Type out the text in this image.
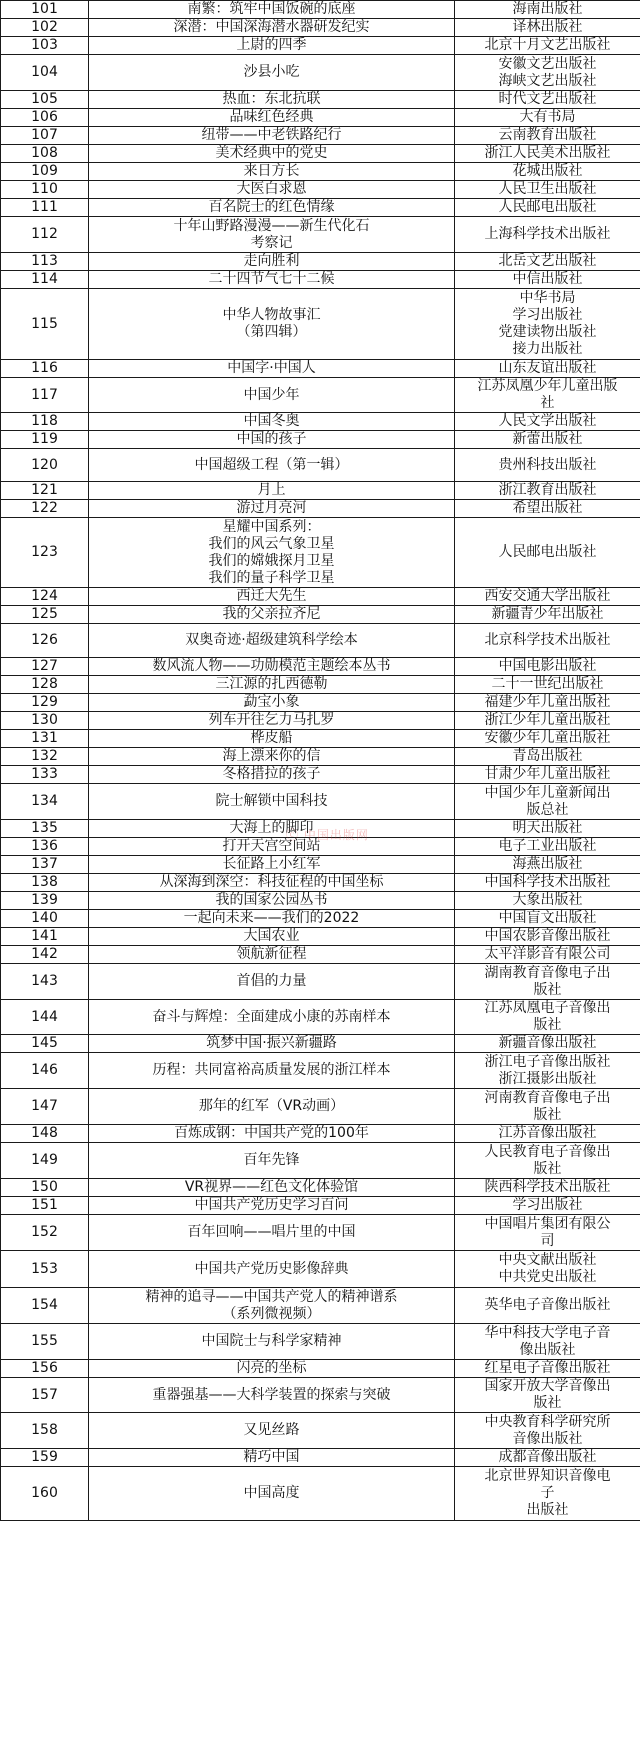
101	南繁：筑牢中国饭碗的底座	海南出版社

102	深潜：中国深海潜水器研发纪实	译林出版社

103	上尉的四季	北京十月文艺出版社

104	沙县小吃	安徽文艺出版社
海峡文艺出版社

105	热血：东北抗联	时代文艺出版社

106	品味红色经典	大有书局

107	纽带——中老铁路纪行	云南教育出版社

108	美术经典中的党史	浙江人民美术出版社

109	来日方长	花城出版社

110	大医白求恩	人民卫生出版社

111	百名院士的红色情缘	人民邮电出版社

112	十年山野路漫漫——新生代化石
考察记	上海科学技术出版社

113	走向胜利	北岳文艺出版社

114	二十四节气七十二候	中信出版社

115	中华人物故事汇
（第四辑）	中华书局
学习出版社
党建读物出版社
接力出版社

116	中国字·中国人	山东友谊出版社

117	中国少年	江苏凤凰少年儿童出版
社

118	中国冬奥	人民文学出版社

119	中国的孩子	新蕾出版社

120	中国超级工程（第一辑）	贵州科技出版社

121	月上	浙江教育出版社

122	游过月亮河	希望出版社

123	星耀中国系列：
我们的风云气象卫星
我们的嫦娥探月卫星
我们的量子科学卫星	人民邮电出版社

124	西迁大先生	西安交通大学出版社

125	我的父亲拉齐尼	新疆青少年出版社

126	双奥奇迹·超级建筑科学绘本	北京科学技术出版社

127	数风流人物——功勋模范主题绘本丛书	中国电影出版社

128	三江源的扎西德勒	二十一世纪出版社

129	勐宝小象	福建少年儿童出版社

130	列车开往乞力马扎罗	浙江少年儿童出版社

131	桦皮船	安徽少年儿童出版社

132	海上漂来你的信	青岛出版社

133	冬格措拉的孩子	甘肃少年儿童出版社

134	院士解锁中国科技	中国少年儿童新闻出
版总社

135	大海上的脚印	明天出版社

136	打开天宫空间站	电子工业出版社

137	长征路上小红军	海燕出版社

138	从深海到深空：科技征程的中国坐标	中国科学技术出版社

139	我的国家公园丛书	大象出版社

140	一起向未来——我们的2022	中国盲文出版社

141	大国农业	中国农影音像出版社

142	领航新征程	太平洋影音有限公司

143	首倡的力量	湖南教育音像电子出
版社

144	奋斗与辉煌：全面建成小康的苏南样本	江苏凤凰电子音像出
版社

145	筑梦中国·振兴新疆路	新疆音像出版社

146	历程：共同富裕高质量发展的浙江样本	浙江电子音像出版社
浙江摄影出版社

147	那年的红军（VR动画）	河南教育音像电子出
版社

148	百炼成钢：中国共产党的100年	江苏音像出版社

149	百年先锋	人民教育电子音像出
版社

150	VR视界——红色文化体验馆	陕西科学技术出版社

151	中国共产党历史学习百问	学习出版社

152	百年回响——唱片里的中国	中国唱片集团有限公
司

153	中国共产党历史影像辞典	中央文献出版社
中共党史出版社

154	精神的追寻——中国共产党人的精神谱系
（系列微视频）	英华电子音像出版社

155	中国院士与科学家精神	华中科技大学电子音
像出版社

156	闪亮的坐标	红星电子音像出版社

157	重器强基——大科学装置的探索与突破	国家开放大学音像出
版社

158	又见丝路	中央教育科学研究所
音像出版社

159	精巧中国	成都音像出版社

160	中国高度	北京世界知识音像电
子
出版社
ⓒ 中国出版网
